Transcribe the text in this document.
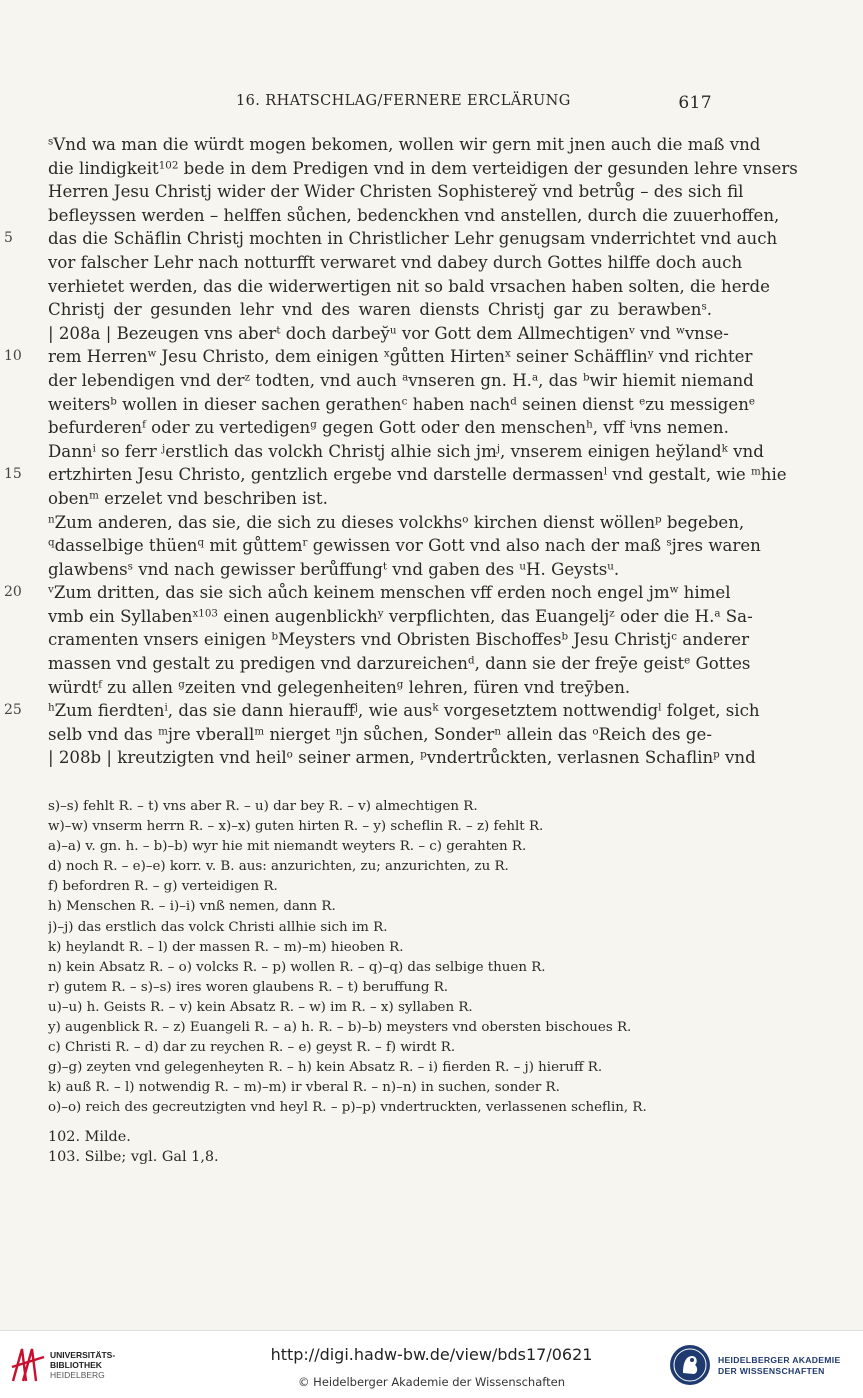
16. RHATSCHLAG/FERNERE ERCLÄRUNG	617
$^s$Vnd wa man die würdt mogen bekomen, wollen wir gern mit jnen auch die maß vnd
die lindigkeit$^{102}$ bede in dem Predigen vnd in dem verteidigen der gesunden lehre vnsers
Herren Jesu Christj wider der Wider Christen Sophisterey̆ vnd betrůg – des sich fil
befleyssen werden – helffen sůchen, bedenckhen vnd anstellen, durch die zuuerhoffen,
5	das die Schäflin Christj mochten in Christlicher Lehr genugsam vnderrichtet vnd auch
vor falscher Lehr nach notturfft verwaret vnd dabey durch Gottes hilffe doch auch
verhietet werden, das die widerwertigen nit so bald vrsachen haben solten, die herde
Christj der gesunden lehr vnd des waren diensts Christj gar zu berawben$^s$.
| 208a | Bezeugen vns aber$^t$ doch darbey̆$^u$ vor Gott dem Allmechtigen$^v$ vnd $^w$vnse-
10 rem Herren$^w$ Jesu Christo, dem einigen $^x$gůtten Hirten$^x$ seiner Schäfflin$^y$ vnd richter
der lebendigen vnd der$^z$ todten, vnd auch $^a$vnseren gn. H.$^a$, das $^b$wir hiemit niemand
weiters$^b$ wollen in dieser sachen gerathen$^c$ haben nach$^d$ seinen dienst $^e$zu messigen$^e$
befurderen$^f$ oder zu vertedigen$^g$ gegen Gott oder den menschen$^h$, vff $^i$vns nemen.
Dann$^i$ so ferr $^j$erstlich das volckh Christj alhie sich $jm^j$, vnserem einigen hey̆land$^k$ vnd
15 ertzhirten Jesu Christo, gentzlich ergebe vnd darstelle dermassen$^l$ vnd gestalt, wie $^m$hie
oben$^m$ erzelet vnd beschriben ist.
$^n$Zum anderen, das sie, die sich zu dieses volckhs$^o$ kirchen dienst wöllen$^p$ begeben,
$^q$dasselbige thüen$^q$ mit gůttem$^r$ gewissen vor Gott vnd also nach der maß $^s$jres waren
glawbens$^s$ vnd nach gewisser berůffung$^t$ vnd gaben des $^u$H. Geysts$^u$.
20	$^v$Zum dritten, das sie sich aůch keinem menschen vff erden noch engel $jm^w$ himel
vmb ein Syllaben$^{x103}$ einen augenblickh$^y$ verpflichten, das Euangelj$^z$ oder die H.$^a$ Sa-
cramenten vnsers einigen $^b$Meysters vnd Obristen Bischoffes$^b$ Jesu Christj$^c$ anderer
massen vnd gestalt zu predigen vnd darzureichen$^d$, dann sie der freȳe geist$^e$ Gottes
würdt$^f$ zu allen $^g$zeiten vnd gelegenheiten$^g$ lehren, füren vnd treȳben.
25	$^h$Zum fierdten$^i$, das sie dann hierauff$^j$, wie aus$^k$ vorgesetztem nottwendig$^l$ folget, sich
selb vnd das $^m$jre vberall$^m$ nierget $^n$jn sůchen, Sonder$^n$ allein das $^o$Reich des ge-
| 208b | kreutzigten vnd heil$^o$ seiner armen, $^p$vndertrůckten, verlasnen Schaflin$^p$ vnd
s)–s) fehlt R. – t) vns aber R. – u) dar bey R. – v) almechtigen R.
w)–w) vnserm herrn R. – x)–x) guten hirten R. – y) scheflin R. – z) fehlt R.
a)–a) v. gn. h. – b)–b) wyr hie mit niemandt weyters R. – c) gerahten R.
d) noch R. – e)–e) korr. v. B. aus: anzurichten, zu; anzurichten, zu R.
f) befordren R. – g) verteidigen R.
h) Menschen R. – i)–i) vnß nemen, dann R.
j)–j) das erstlich das volck Christi allhie sich im R.
k) heylandt R. – l) der massen R. – m)–m) hieoben R.
n) kein Absatz R. – o) volcks R. – p) wollen R. – q)–q) das selbige thuen R.
r) gutem R. – s)–s) ires woren glaubens R. – t) beruffung R.
u)–u) h. Geists R. – v) kein Absatz R. – w) im R. – x) syllaben R.
y) augenblick R. – z) Euangeli R. – a) h. R. – b)–b) meysters vnd obersten bischoues R.
c) Christi R. – d) dar zu reychen R. – e) geyst R. – f) wirdt R.
g)–g) zeyten vnd gelegenheyten R. – h) kein Absatz R. – i) fierden R. – j) hieruff R.
k) auß R. – l) notwendig R. – m)–m) ir vberal R. – n)–n) in suchen, sonder R.
o)–o) reich des gecreutzigten vnd heyl R. – p)–p) vndertruckten, verlassenen scheflin, R.
102. Milde.
103. Silbe; vgl. Gal 1,8.
UNIVERSITÄTS-
BIBLIOTHEK
HEIDELBERG
http://digi.hadw-bw.de/view/bds17/0621
© Heidelberger Akademie der Wissenschaften
HEIDELBERGER AKADEMIE
DER WISSENSCHAFTEN
